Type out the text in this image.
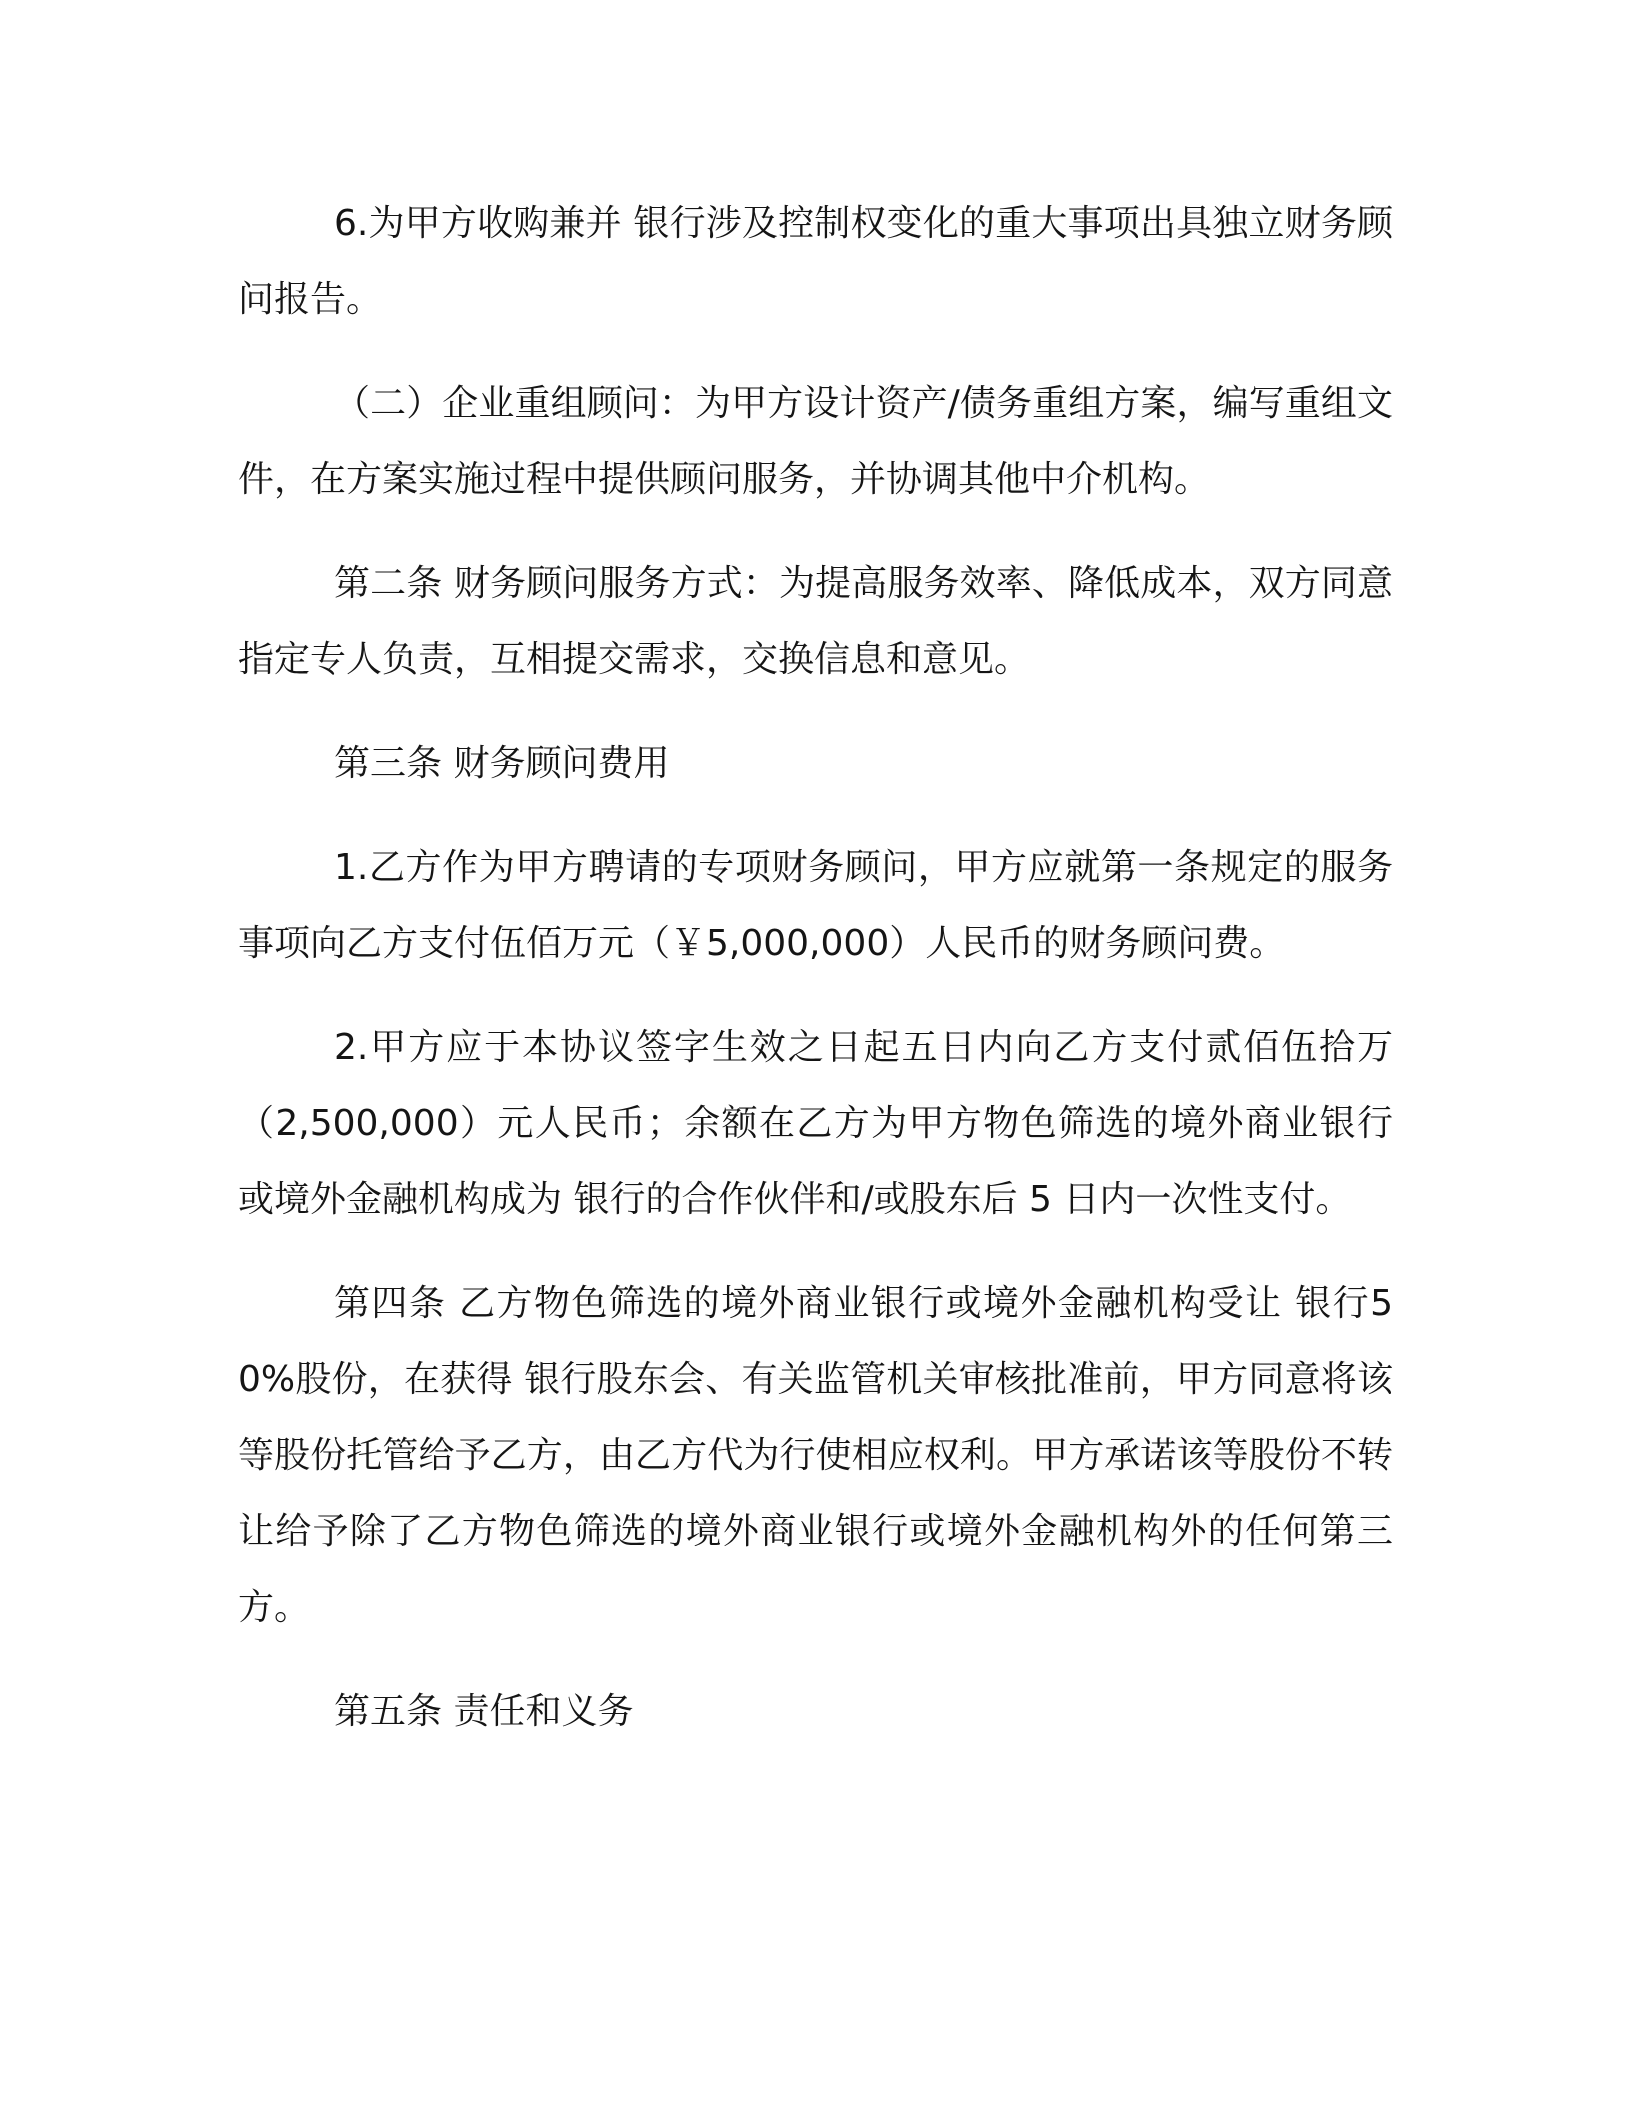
6.为甲方收购兼并 银行涉及控制权变化的重大事项出具独立财务顾问报告。

（二）企业重组顾问：为甲方设计资产/债务重组方案，编写重组文件，在方案实施过程中提供顾问服务，并协调其他中介机构。

第二条 财务顾问服务方式：为提高服务效率、降低成本，双方同意指定专人负责，互相提交需求，交换信息和意见。

第三条 财务顾问费用

1.乙方作为甲方聘请的专项财务顾问，甲方应就第一条规定的服务事项向乙方支付伍佰万元（￥5,000,000）人民币的财务顾问费。

2.甲方应于本协议签字生效之日起五日内向乙方支付贰佰伍拾万（2,500,000）元人民币；余额在乙方为甲方物色筛选的境外商业银行或境外金融机构成为 银行的合作伙伴和/或股东后 5 日内一次性支付。

第四条 乙方物色筛选的境外商业银行或境外金融机构受让 银行50%股份，在获得 银行股东会、有关监管机关审核批准前，甲方同意将该等股份托管给予乙方，由乙方代为行使相应权利。甲方承诺该等股份不转让给予除了乙方物色筛选的境外商业银行或境外金融机构外的任何第三方。

第五条 责任和义务
